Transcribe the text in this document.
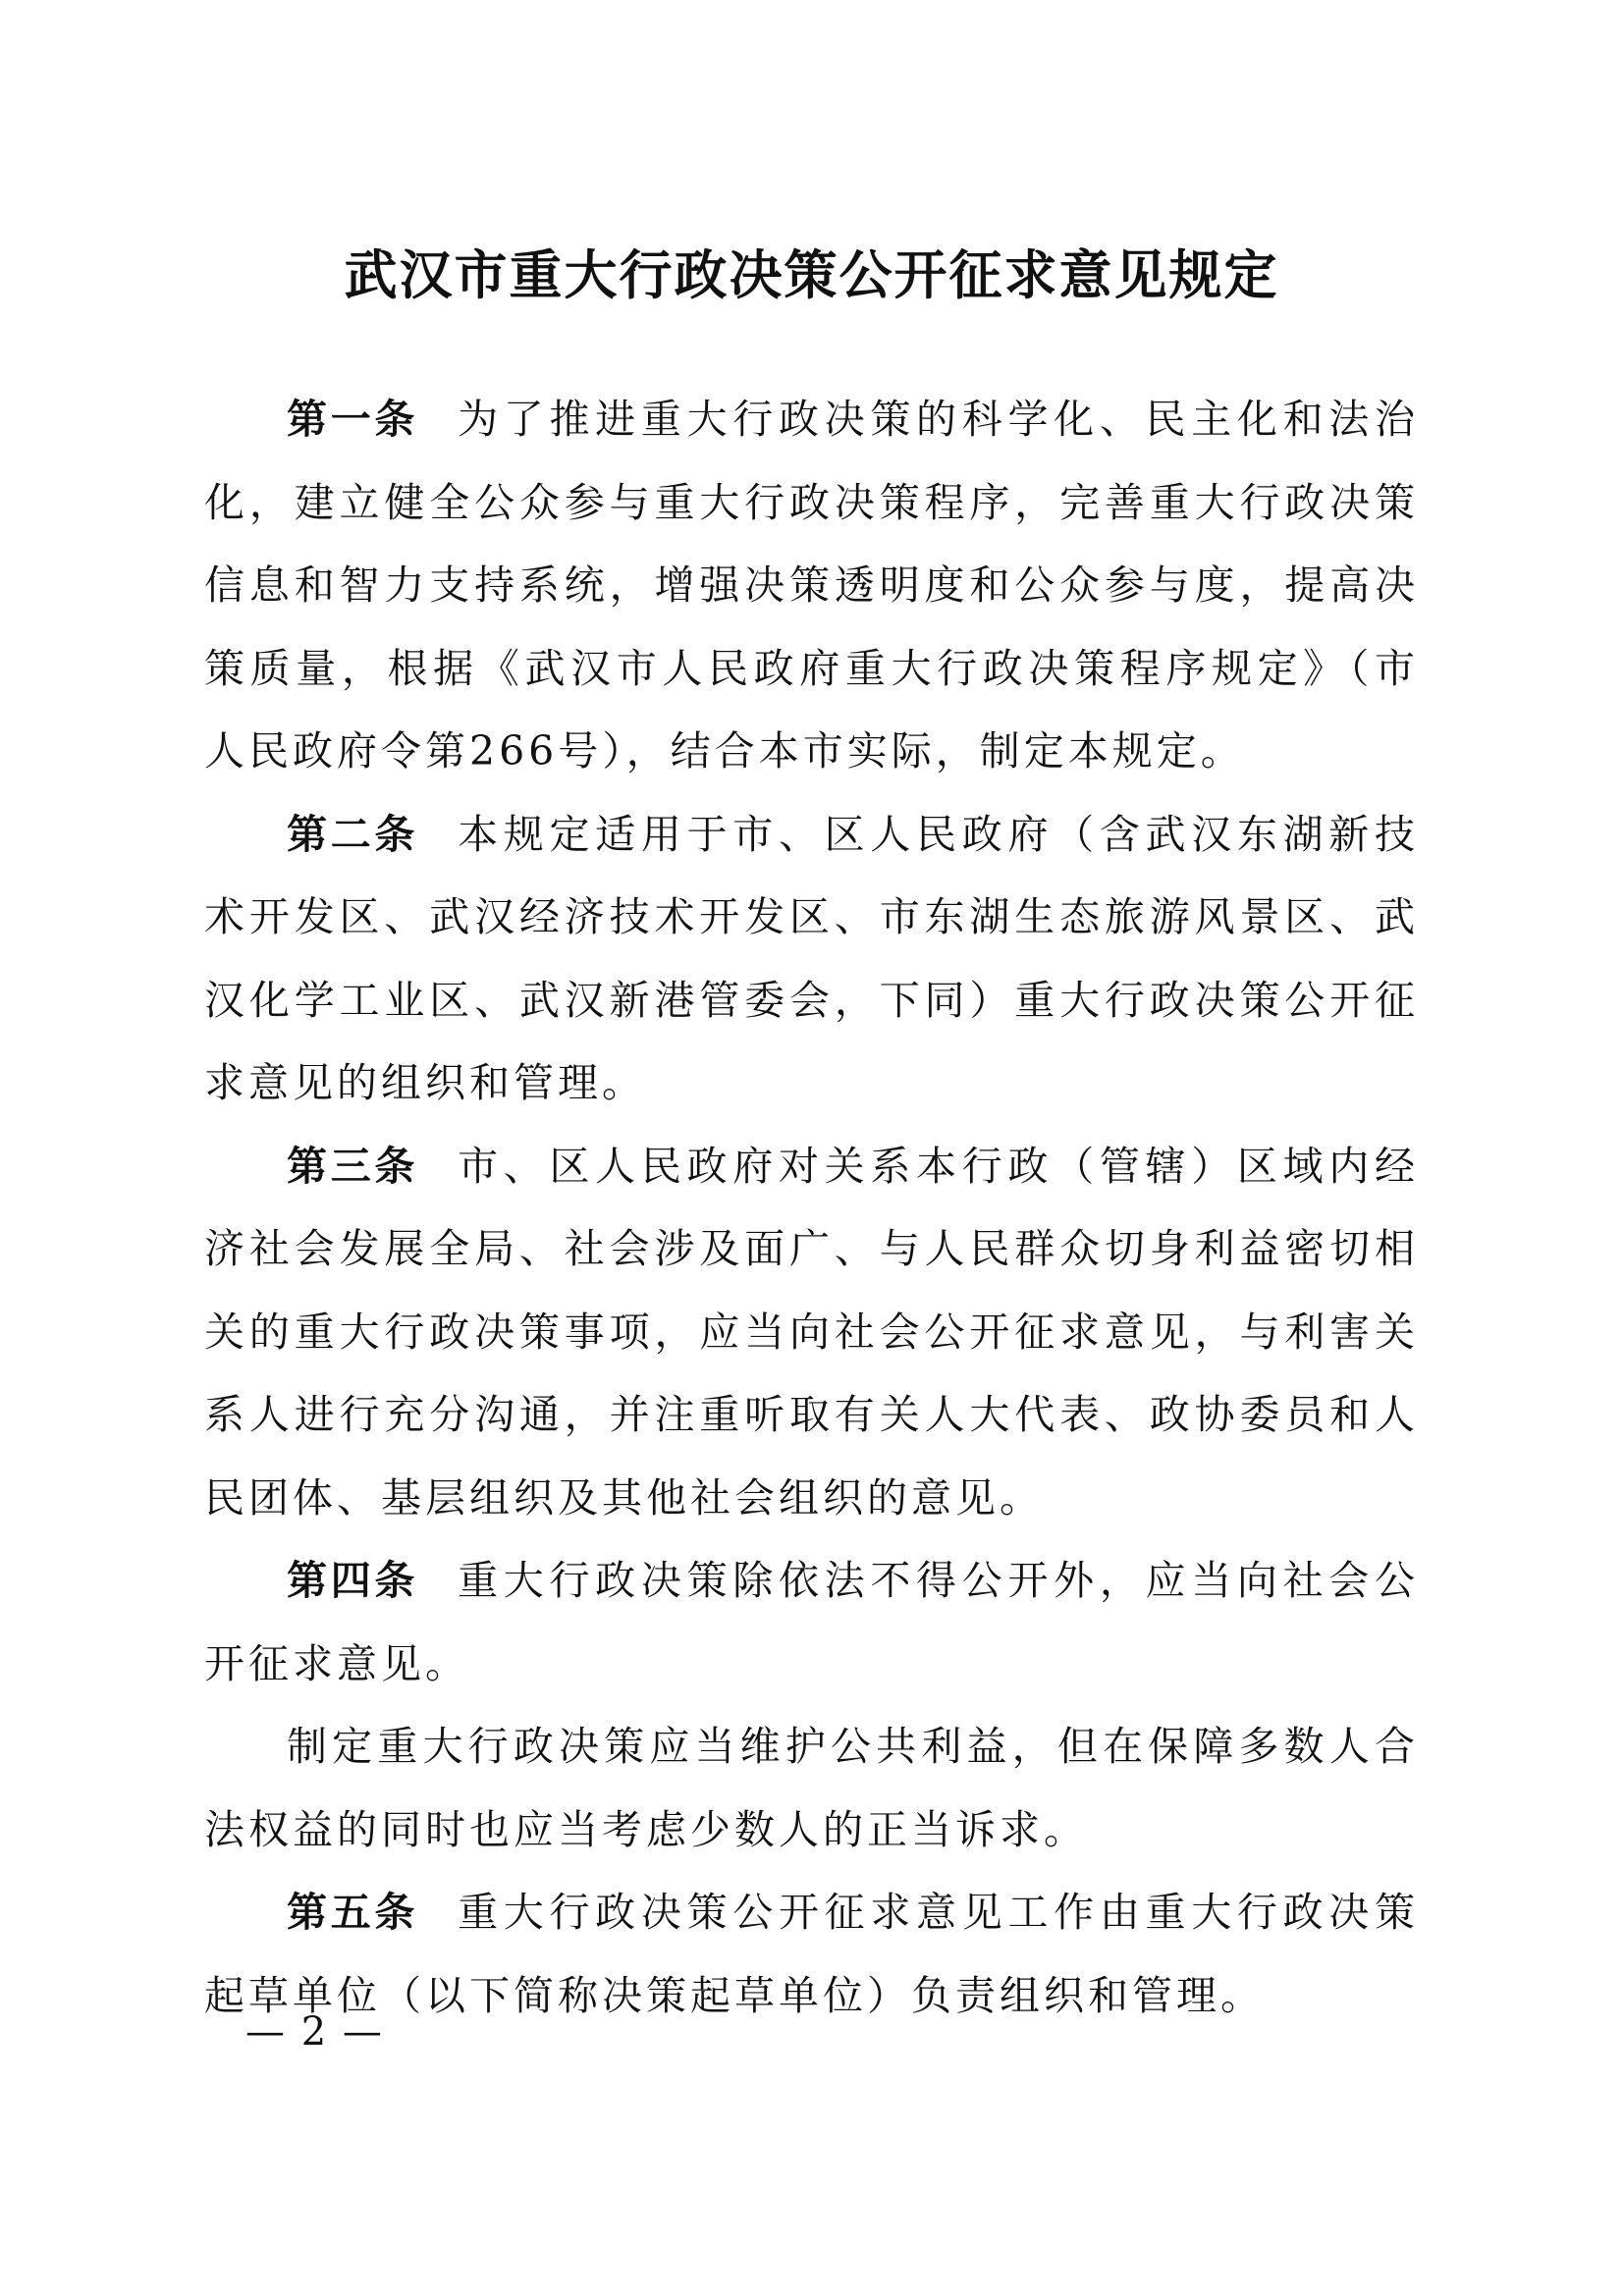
武汉市重大行政决策公开征求意见规定

第一条 为了推进重大行政决策的科学化、民主化和法治化，建立健全公众参与重大行政决策程序，完善重大行政决策信息和智力支持系统，增强决策透明度和公众参与度，提高决策质量，根据《武汉市人民政府重大行政决策程序规定》（市人民政府令第266号），结合本市实际，制定本规定。

第二条 本规定适用于市、区人民政府（含武汉东湖新技术开发区、武汉经济技术开发区、市东湖生态旅游风景区、武汉化学工业区、武汉新港管委会，下同）重大行政决策公开征求意见的组织和管理。

第三条 市、区人民政府对关系本行政（管辖）区域内经济社会发展全局、社会涉及面广、与人民群众切身利益密切相关的重大行政决策事项，应当向社会公开征求意见，与利害关系人进行充分沟通，并注重听取有关人大代表、政协委员和人民团体、基层组织及其他社会组织的意见。

第四条 重大行政决策除依法不得公开外，应当向社会公开征求意见。

制定重大行政决策应当维护公共利益，但在保障多数人合法权益的同时也应当考虑少数人的正当诉求。

第五条 重大行政决策公开征求意见工作由重大行政决策起草单位（以下简称决策起草单位）负责组织和管理。

— 2 —
